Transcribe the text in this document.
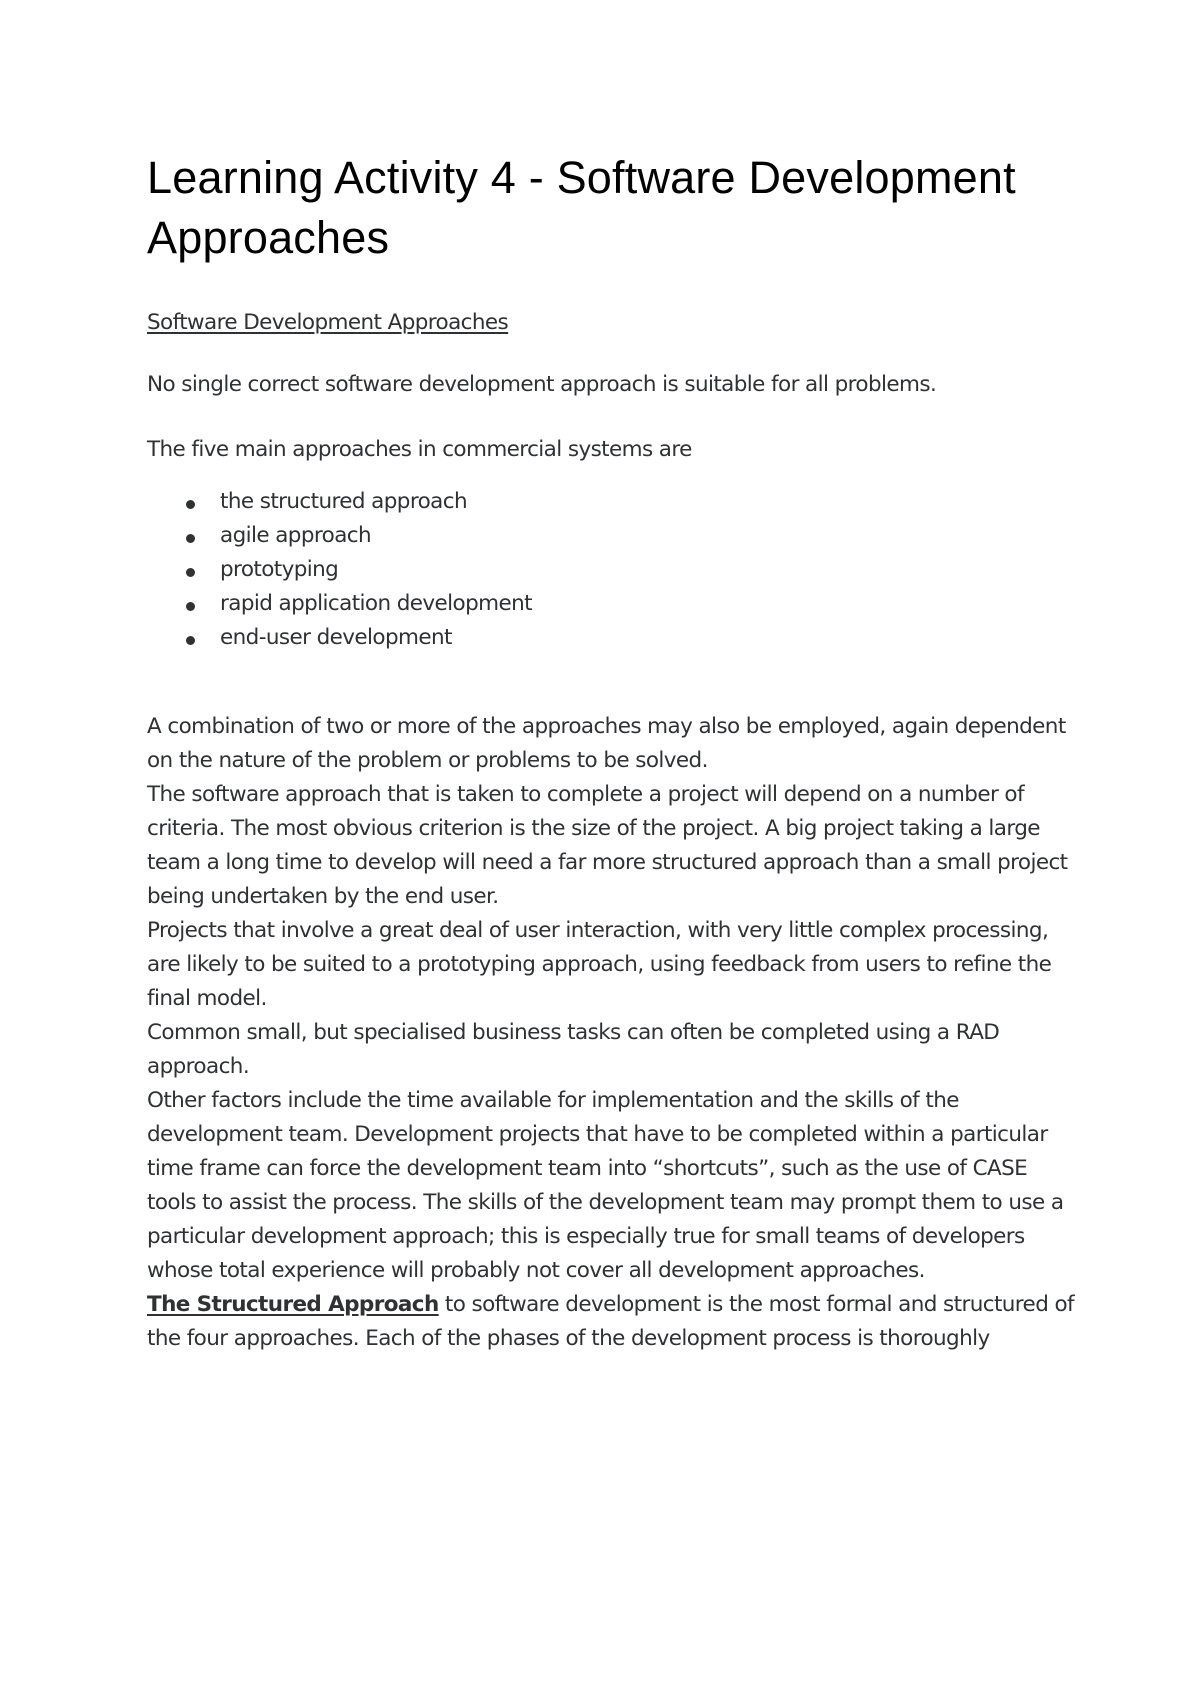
Learning Activity 4 - Software Development Approaches
Software Development Approaches

No single correct software development approach is suitable for all problems.

The five main approaches in commercial systems are

the structured approach
agile approach
prototyping
rapid application development
end-user development

A combination of two or more of the approaches may also be employed, again dependent on the nature of the problem or problems to be solved.

The software approach that is taken to complete a project will depend on a number of criteria. The most obvious criterion is the size of the project. A big project taking a large team a long time to develop will need a far more structured approach than a small project being undertaken by the end user.

Projects that involve a great deal of user interaction, with very little complex processing, are likely to be suited to a prototyping approach, using feedback from users to refine the final model.

Common small, but specialised business tasks can often be completed using a RAD approach.

Other factors include the time available for implementation and the skills of the development team. Development projects that have to be completed within a particular time frame can force the development team into “shortcuts”, such as the use of CASE tools to assist the process. The skills of the development team may prompt them to use a particular development approach; this is especially true for small teams of developers whose total experience will probably not cover all development approaches.

The Structured Approach to software development is the most formal and structured of the four approaches. Each of the phases of the development process is thoroughly
